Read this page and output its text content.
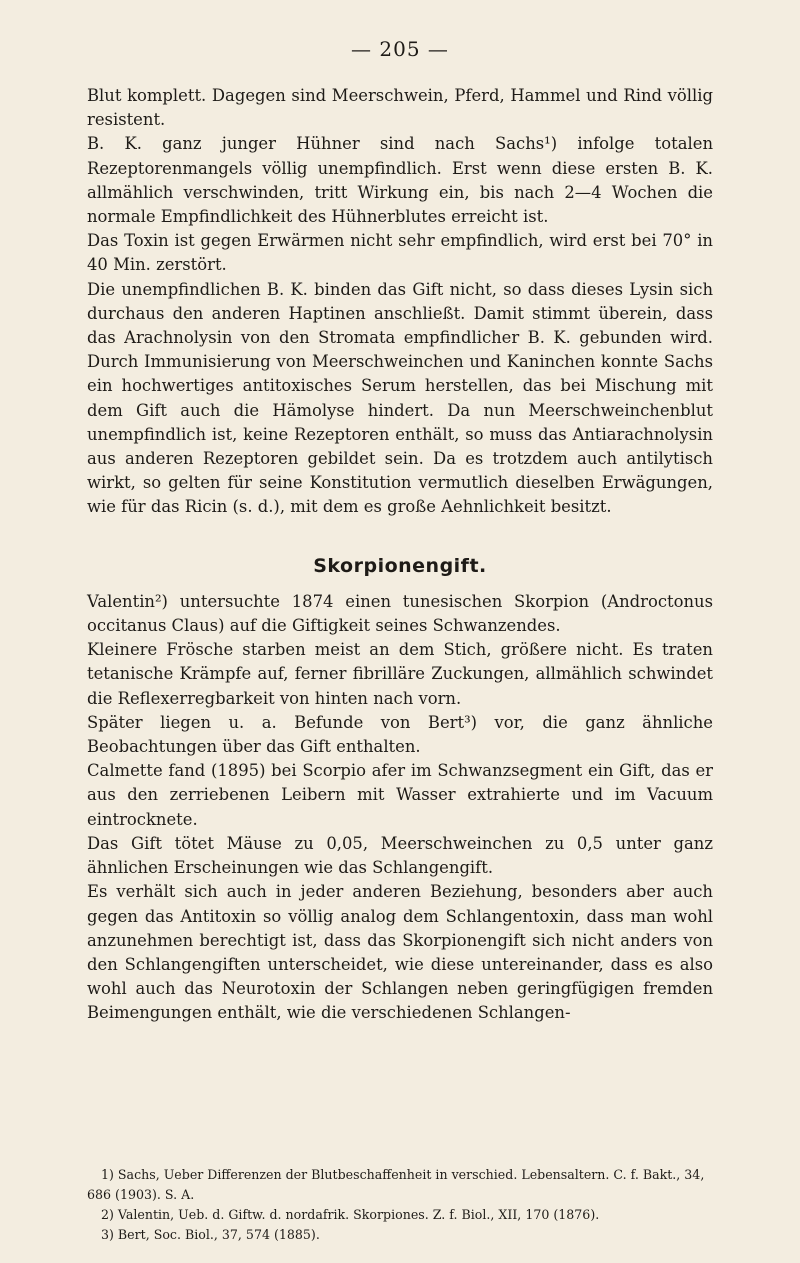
— 205 —

Blut komplett. Dagegen sind Meerschwein, Pferd, Hammel und Rind völlig resistent.

B. K. ganz junger Hühner sind nach Sachs¹) infolge totalen Rezeptorenmangels völlig unempfindlich. Erst wenn diese ersten B. K. allmählich verschwinden, tritt Wirkung ein, bis nach 2—4 Wochen die normale Empfindlichkeit des Hühnerblutes erreicht ist.

Das Toxin ist gegen Erwärmen nicht sehr empfindlich, wird erst bei 70° in 40 Min. zerstört.

Die unempfindlichen B. K. binden das Gift nicht, so dass dieses Lysin sich durchaus den anderen Haptinen anschließt. Damit stimmt überein, dass das Arachnolysin von den Stromata empfindlicher B. K. gebunden wird. Durch Immunisierung von Meerschweinchen und Kaninchen konnte Sachs ein hochwertiges antitoxisches Serum herstellen, das bei Mischung mit dem Gift auch die Hämolyse hindert. Da nun Meerschweinchenblut unempfindlich ist, keine Rezeptoren enthält, so muss das Antiarachnolysin aus anderen Rezeptoren gebildet sein. Da es trotzdem auch antilytisch wirkt, so gelten für seine Konstitution vermutlich dieselben Erwägungen, wie für das Ricin (s. d.), mit dem es große Aehnlichkeit besitzt.

Skorpionengift.

Valentin²) untersuchte 1874 einen tunesischen Skorpion (Androctonus occitanus Claus) auf die Giftigkeit seines Schwanzendes.

Kleinere Frösche starben meist an dem Stich, größere nicht. Es traten tetanische Krämpfe auf, ferner fibrilläre Zuckungen, allmählich schwindet die Reflexerregbarkeit von hinten nach vorn.

Später liegen u. a. Befunde von Bert³) vor, die ganz ähnliche Beobachtungen über das Gift enthalten.

Calmette fand (1895) bei Scorpio afer im Schwanzsegment ein Gift, das er aus den zerriebenen Leibern mit Wasser extrahierte und im Vacuum eintrocknete.

Das Gift tötet Mäuse zu 0,05, Meerschweinchen zu 0,5 unter ganz ähnlichen Erscheinungen wie das Schlangengift.

Es verhält sich auch in jeder anderen Beziehung, besonders aber auch gegen das Antitoxin so völlig analog dem Schlangentoxin, dass man wohl anzunehmen berechtigt ist, dass das Skorpionengift sich nicht anders von den Schlangengiften unterscheidet, wie diese untereinander, dass es also wohl auch das Neurotoxin der Schlangen neben geringfügigen fremden Beimengungen enthält, wie die verschiedenen Schlangen-

1) Sachs, Ueber Differenzen der Blutbeschaffenheit in verschied. Lebensaltern. C. f. Bakt., 34, 686 (1903). S. A.

2) Valentin, Ueb. d. Giftw. d. nordafrik. Skorpiones. Z. f. Biol., XII, 170 (1876).

3) Bert, Soc. Biol., 37, 574 (1885).
